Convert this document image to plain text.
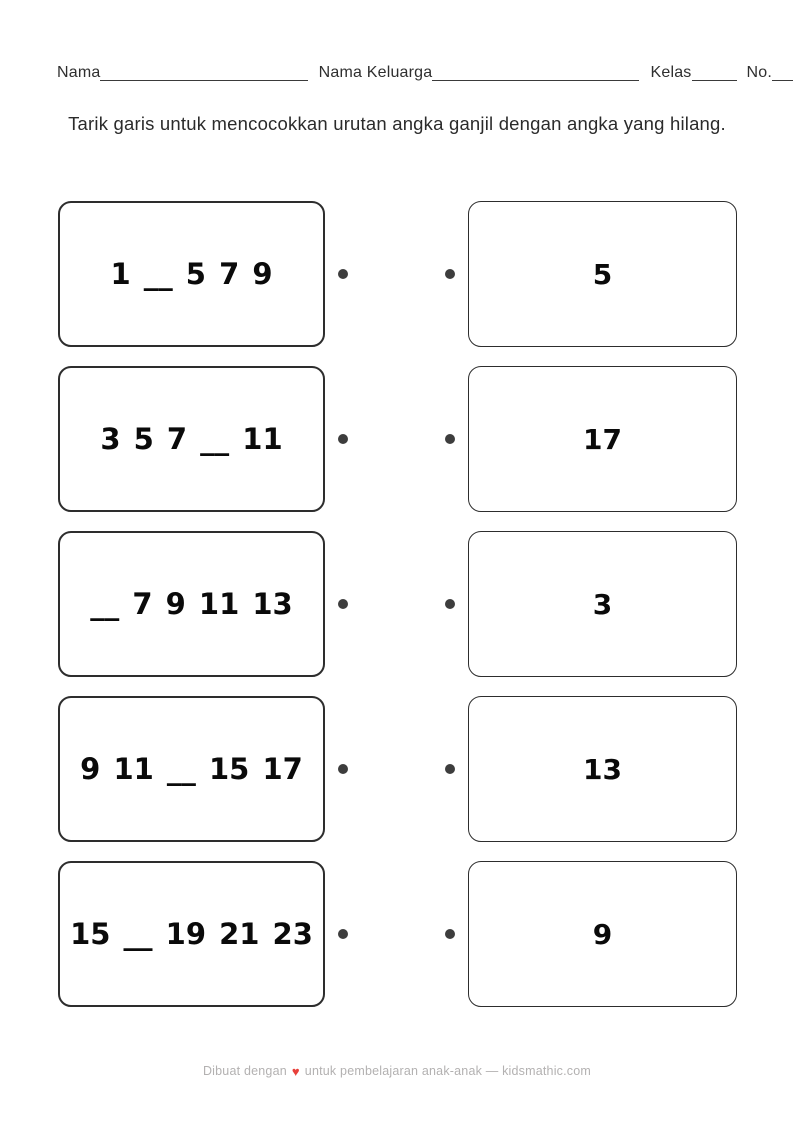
Nama	Nama Keluarga	Kelas	No.
Tarik garis untuk mencocokkan urutan angka ganjil dengan angka yang hilang.
1 __ 5 7 9	5
3 5 7 __ 11	17
__ 7 9 11 13	3
9 11 __ 15 17	13
15 __ 19 21 23	9
Dibuat dengan ♥ untuk pembelajaran anak-anak — kidsmathic.com
